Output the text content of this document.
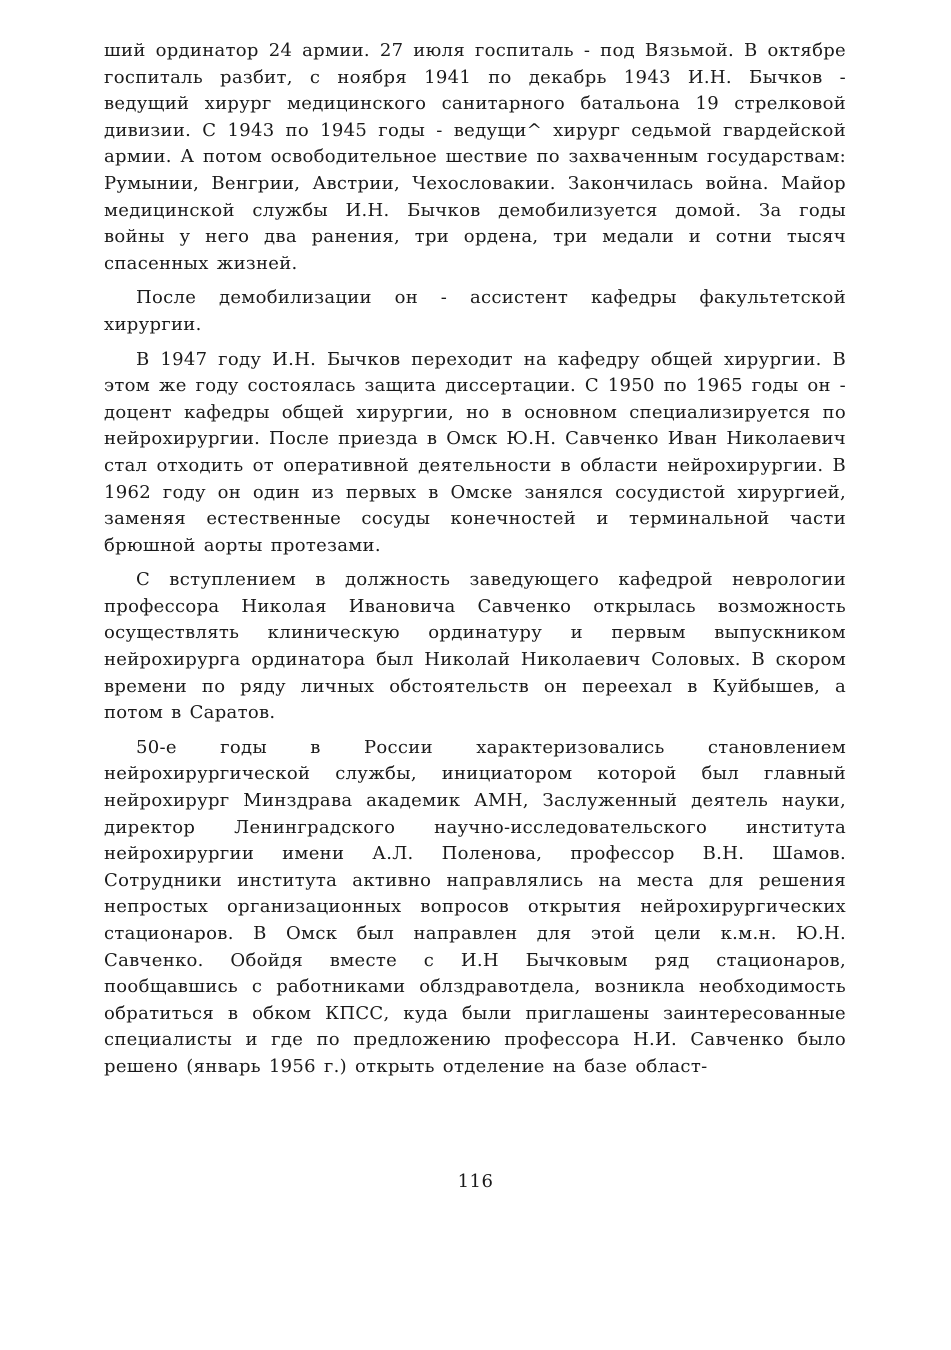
ший ординатор 24 армии. 27 июля госпиталь - под Вязьмой. В октябре госпиталь разбит, с ноября 1941 по декабрь 1943 И.Н. Бычков - ведущий хирург медицинского санитарного батальона 19 стрелковой дивизии. С 1943 по 1945 годы - ведущи^ хирург седьмой гвардейской армии. А потом освободительное шествие по захваченным государствам: Румынии, Венгрии, Австрии, Чехословакии. Закончилась война. Майор медицинской службы И.Н. Бычков демобилизуется домой. За годы войны у него два ранения, три ордена, три медали и сотни тысяч спасенных жизней.

После демобилизации он - ассистент кафедры факультетской хирургии.

В 1947 году И.Н. Бычков переходит на кафедру общей хирургии. В этом же году состоялась защита диссертации. С 1950 по 1965 годы он - доцент кафедры общей хирургии, но в основном специализируется по нейрохирургии. После приезда в Омск Ю.Н. Савченко Иван Николаевич стал отходить от оперативной деятельности в области нейрохирургии. В 1962 году он один из первых в Омске занялся сосудистой хирургией, заменяя естественные сосуды конечностей и терминальной части брюшной аорты протезами.

С вступлением в должность заведующего кафедрой неврологии профессора Николая Ивановича Савченко открылась возможность осуществлять клиническую ординатуру и первым выпускником нейрохирурга ординатора был Николай Николаевич Соловых. В скором времени по ряду личных обстоятельств он переехал в Куйбышев, а потом в Саратов.

50-е годы в России характеризовались становлением нейрохирургической службы, инициатором которой был главный нейрохирург Минздрава академик АМН, Заслуженный деятель науки, директор Ленинградского научно-исследовательского института нейрохирургии имени А.Л. Поленова, профессор В.Н. Шамов. Сотрудники института активно направлялись на места для решения непростых организационных вопросов открытия нейрохирургических стационаров. В Омск был направлен для этой цели к.м.н. Ю.Н. Савченко. Обойдя вместе с И.Н Бычковым ряд стационаров, пообщавшись с работниками облздравотдела, возникла необходимость обратиться в обком КПСС, куда были приглашены заинтересованные специалисты и где по предложению профессора Н.И. Савченко было решено (январь 1956 г.) открыть отделение на базе област-

116
